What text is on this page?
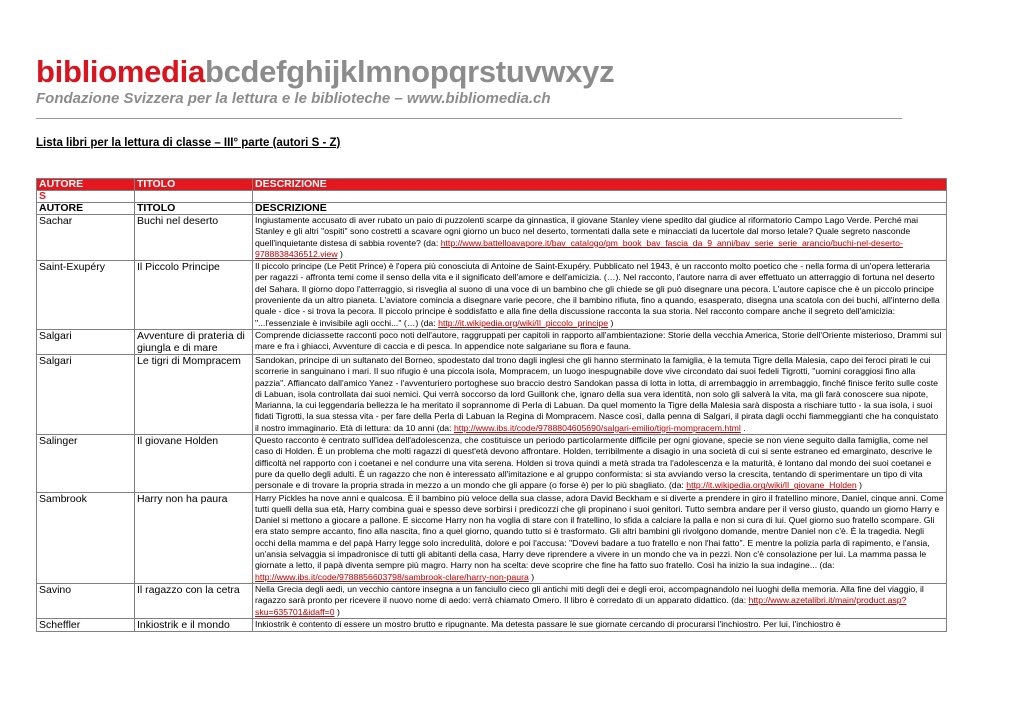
bibliomediabcdefghijklmnopqrstuvwxyz
Fondazione Svizzera per la lettura e le biblioteche – www.bibliomedia.ch
Lista libri per la lettura di classe – III° parte (autori S - Z)
AUTORE	TITOLO	DESCRIZIONE
S		
AUTORE	TITOLO	DESCRIZIONE
Sachar	Buchi nel deserto	Ingiustamente accusato di aver rubato un paio di puzzolenti scarpe da ginnastica, il giovane Stanley viene spedito dal giudice al riformatorio Campo Lago Verde. Perché mai Stanley e gli altri "ospiti" sono costretti a scavare ogni giorno un buco nel deserto, tormentati dalla sete e minacciati da lucertole dal morso letale? Quale segreto nasconde quell'inquietante distesa di sabbia rovente? (da: http://www.battelloavapore.it/bav_catalogo/pm_book_bav_fascia_da_9_anni/bav_serie_serie_arancio/buchi-nel-deserto-9788838436512.view )
Saint-Exupéry	Il Piccolo Principe	Il piccolo principe (Le Petit Prince) è l'opera più conosciuta di Antoine de Saint-Exupéry. Pubblicato nel 1943, è un racconto molto poetico che - nella forma di un'opera letteraria per ragazzi - affronta temi come il senso della vita e il significato dell'amore e dell'amicizia. (…). Nel racconto, l'autore narra di aver effettuato un atterraggio di fortuna nel deserto del Sahara. Il giorno dopo l'atterraggio, si risveglia al suono di una voce di un bambino che gli chiede se gli può disegnare una pecora. L'autore capisce che è un piccolo principe proveniente da un altro pianeta. L'aviatore comincia a disegnare varie pecore, che il bambino rifiuta, fino a quando, esasperato, disegna una scatola con dei buchi, all'interno della quale - dice - si trova la pecora. Il piccolo principe è soddisfatto e alla fine della discussione racconta la sua storia. Nel racconto compare anche il segreto dell'amicizia: "...l'essenziale è invisibile agli occhi..." (…) (da: http://it.wikipedia.org/wiki/Il_piccolo_principe )
Salgari	Avventure di prateria di giungla e di mare	Comprende diciassette racconti poco noti dell'autore, raggruppati per capitoli in rapporto all'ambientazione: Storie della vecchia America, Storie dell'Oriente misterioso, Drammi sul mare e fra i ghiacci, Avventure di caccia e di pesca. In appendice note salgariane su flora e fauna.
Salgari	Le tigri di Mompracem	Sandokan, principe di un sultanato del Borneo, spodestato dal trono dagli inglesi che gli hanno sterminato la famiglia, è la temuta Tigre della Malesia, capo dei feroci pirati le cui scorrerie in sanguinano i mari. Il suo rifugio è una piccola isola, Mompracem, un luogo inespugnabile dove vive circondato dai suoi fedeli Tigrotti, "uomini coraggiosi fino alla pazzia". Affiancato dall'amico Yanez - l'avventuriero portoghese suo braccio destro Sandokan passa di lotta in lotta, di arrembaggio in arrembaggio, finché finisce ferito sulle coste di Labuan, isola controllata dai suoi nemici. Qui verrà soccorso da lord Guillonk che, ignaro della sua vera identità, non solo gli salverà la vita, ma gli farà conoscere sua nipote, Marianna, la cui leggendaria bellezza le ha meritato il soprannome di Perla di Labuan. Da quel momento la Tigre della Malesia sarà disposta a rischiare tutto - la sua isola, i suoi fidati Tigrotti, la sua stessa vita - per fare della Perla di Labuan la Regina di Mompracem. Nasce così, dalla penna di Salgari, il pirata dagli occhi fiammeggianti che ha conquistato il nostro immaginario. Età di lettura: da 10 anni (da: http://www.ibs.it/code/9788804605690/salgari-emilio/tigri-mompracem.html .
Salinger	Il giovane Holden	Questo racconto è centrato sull'idea dell'adolescenza, che costituisce un periodo particolarmente difficile per ogni giovane, specie se non viene seguito dalla famiglia, come nel caso di Holden. È un problema che molti ragazzi di quest'età devono affrontare. Holden, terribilmente a disagio in una società di cui si sente estraneo ed emarginato, descrive le difficoltà nel rapporto con i coetanei e nel condurre una vita serena. Holden si trova quindi a metà strada tra l'adolescenza e la maturità, è lontano dal mondo dei suoi coetanei e pure da quello degli adulti. È un ragazzo che non è interessato all'imitazione e al gruppo conformista: si sta avviando verso la crescita, tentando di sperimentare un tipo di vita personale e di trovare la propria strada in mezzo a un mondo che gli appare (o forse è) per lo più sbagliato. (da: http://it.wikipedia.org/wiki/Il_giovane_Holden )
Sambrook	Harry non ha paura	Harry Pickles ha nove anni e qualcosa. È il bambino più veloce della sua classe, adora David Beckham e si diverte a prendere in giro il fratellino minore, Daniel, cinque anni. Come tutti quelli della sua età, Harry combina guai e spesso deve sorbirsi i predicozzi che gli propinano i suoi genitori. Tutto sembra andare per il verso giusto, quando un giorno Harry e Daniel si mettono a giocare a pallone. E siccome Harry non ha voglia di stare con il fratellino, lo sfida a calciare la palla e non si cura di lui. Quel giorno suo fratello scompare. Gli era stato sempre accanto, fino alla nascita, fino a quel giorno, quando tutto si è trasformato. Gli altri bambini gli rivolgono domande, mentre Daniel non c'è. È la tragedia. Negli occhi della mamma e del papà Harry legge solo incredulità, dolore e poi l'accusa: "Dovevi badare a tuo fratello e non l'hai fatto". E mentre la polizia parla di rapimento, e l'ansia, un'ansia selvaggia si impadronisce di tutti gli abitanti della casa, Harry deve riprendere a vivere in un mondo che va in pezzi. Non c'è consolazione per lui. La mamma passa le giornate a letto, il papà diventa sempre più magro. Harry non ha scelta: deve scoprire che fine ha fatto suo fratello. Così ha inizio la sua indagine... (da: http://www.ibs.it/code/9788856603798/sambrook-clare/harry-non-paura )
Savino	Il ragazzo con la cetra	Nella Grecia degli aedi, un vecchio cantore insegna a un fanciullo cieco gli antichi miti degli dei e degli eroi, accompagnandolo nei luoghi della memoria. Alla fine del viaggio, il ragazzo sarà pronto per ricevere il nuovo nome di aedo: verrà chiamato Omero. Il libro è corredato di un apparato didattico. (da: http://www.azetalibri.it/main/product.asp?sku=635701&idaff=0 )
Scheffler	Inkiostrik e il mondo	Inkiostrik è contento di essere un mostro brutto e ripugnante. Ma detesta passare le sue giornate cercando di procurarsi l'inchiostro. Per lui, l'inchiostro è
